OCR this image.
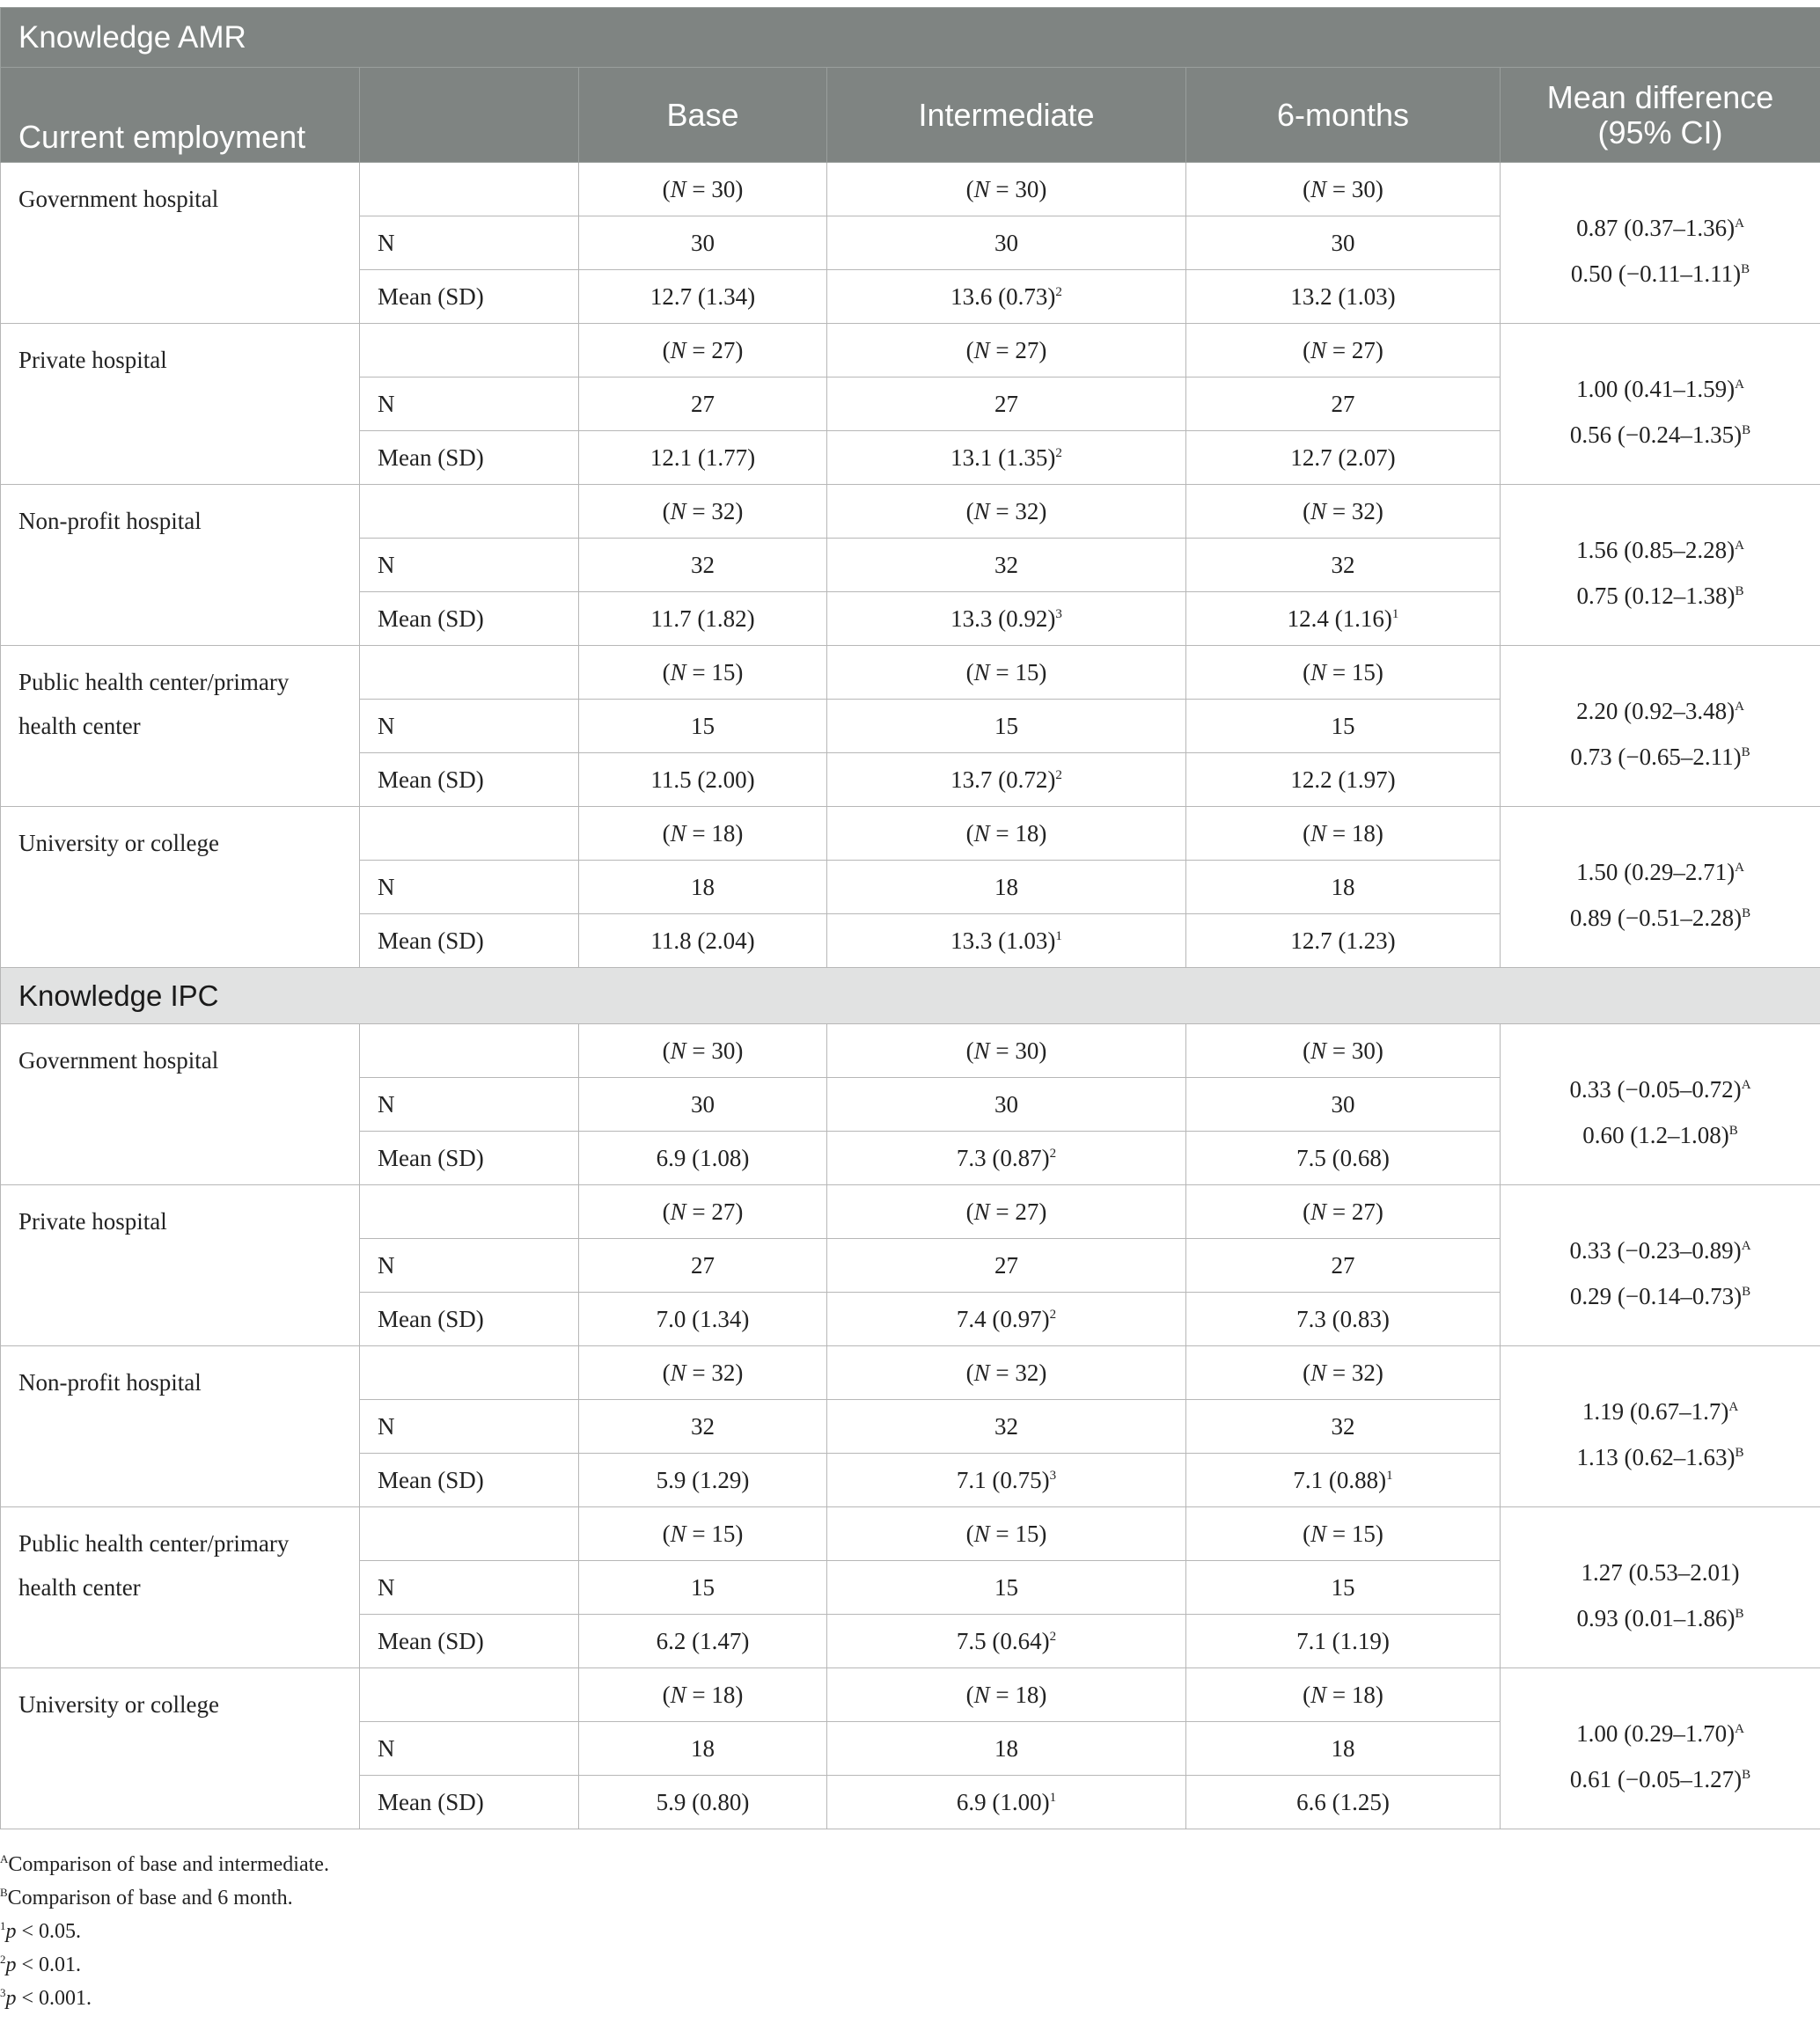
Knowledge AMR					
Current employment		Base	Intermediate	6-months	Mean difference
(95% CI)
Government hospital		(N = 30)	(N = 30)	(N = 30)	0.87 $(0.37-1.36)^A$
0.50 $(-0.11-1.11)^B$
	N	30	30	30	
	Mean (SD)	12.7 (1.34)	13.6 $(0.73)^2$	13.2 (1.03)	
Private hospital		(N = 27)	(N = 27)	(N = 27)	1.00 $(0.41-1.59)^A$
0.56 $(-0.24-1.35)^B$
	N	27	27	27	
	Mean (SD)	12.1 (1.77)	13.1 $(1.35)^2$	12.7 (2.07)	
Non-profit hospital		(N = 32)	(N = 32)	(N = 32)	1.56 $(0.85-2.28)^A$
0.75 $(0.12-1.38)^B$
	N	32	32	32	
	Mean (SD)	11.7 (1.82)	13.3 $(0.92)^3$	12.4 $(1.16)^1$
Public health center/primary health center		(N = 15)	(N = 15)	(N = 15)	2.20 $(0.92-3.48)^A$
0.73 $(-0.65-2.11)^B$
	N	15	15	15	
	Mean (SD)	11.5 (2.00)	13.7 $(0.72)^2$	12.2 (1.97)	
University or college		(N = 18)	(N = 18)	(N = 18)	1.50 $(0.29-2.71)^A$
0.89 $(-0.51-2.28)^B$
	N	18	18	18	
	Mean (SD)	11.8 (2.04)	13.3 $(1.03)^1$	12.7 (1.23)	
Knowledge IPC					
Government hospital		(N = 30)	(N = 30)	(N = 30)	0.33 $(-0.05-0.72)^A$
0.60 $(1.2-1.08)^B$
	N	30	30	30	
	Mean (SD)	6.9 (1.08)	7.3 $(0.87)^2$	7.5 (0.68)	
Private hospital		(N = 27)	(N = 27)	(N = 27)	0.33 $(-0.23-0.89)^A$
0.29 $(-0.14-0.73)^B$
	N	27	27	27	
	Mean (SD)	7.0 (1.34)	7.4 $(0.97)^2$	7.3 (0.83)	
Non-profit hospital		(N = 32)	(N = 32)	(N = 32)	1.19 $(0.67-1.7)^A$
1.13 $(0.62-1.63)^B$
	N	32	32	32	
	Mean (SD)	5.9 (1.29)	7.1 $(0.75)^3$	7.1 $(0.88)^1$
Public health center/primary health center		(N = 15)	(N = 15)	(N = 15)	1.27 (0.53–2.01)
0.93 $(0.01-1.86)^B$
	N	15	15	15	
	Mean (SD)	6.2 (1.47)	7.5 $(0.64)^2$	7.1 (1.19)	
University or college		(N = 18)	(N = 18)	(N = 18)	1.00 $(0.29-1.70)^A$
0.61 $(-0.05-1.27)^B$
	N	18	18	18	
	Mean (SD)	5.9 (0.80)	6.9 $(1.00)^1$	6.6 (1.25)	
$^A$Comparison of base and intermediate.
$^B$Comparison of base and 6 month.
$^1$p < 0.05.
$^2$p < 0.01.
$^3$p < 0.001.
